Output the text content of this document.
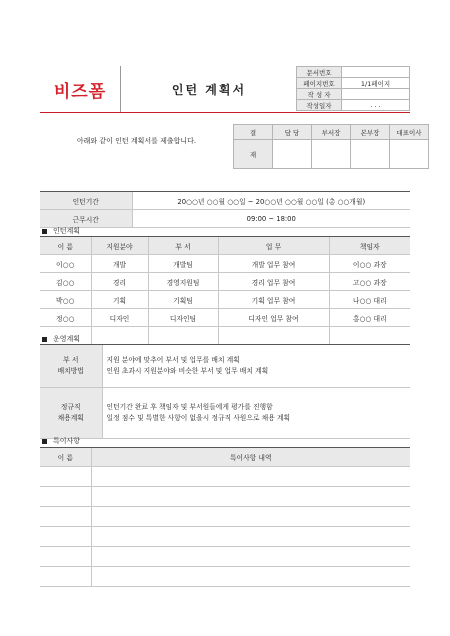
비즈폼	인턴 계획서
문서번호	
페이지번호	1/1페이지
작 성 자	
작성일자	. . .
아래와 같이 인턴 계획서를 제출합니다.
결	담 당	부서장	본부장	대표이사
재				
인턴기간	20○○년 ○○월 ○○일 ~ 20○○년 ○○월 ○○일 (총 ○○개월)
근무시간	09:00 ~ 18:00
인턴계획
이 름	지원분야	부 서	업 무	책임자
이○○	개발	개발팀	개발 업무 참여	이○○ 과장
김○○	경리	경영지원팀	경리 업무 참여	고○○ 과장
박○○	기획	기획팀	기획 업무 참여	나○○ 대리
정○○	디자인	디자인팀	디자인 업무 참여	홍○○ 대리

운영계획
부 서
배치방법	지원 분야에 맞추어 부서 및 업무를 배치 계획
인원 초과시 지원분야와 비슷한 부서 및 업무 배치 계획

정규직
채용계획	인턴기간 완료 후 책임자 및 부서원들에게 평가를 진행함
일정 점수 및 특별한 사항이 없을시 정규직 사원으로 채용 계획
특이사항
이 름	특이사항 내역
